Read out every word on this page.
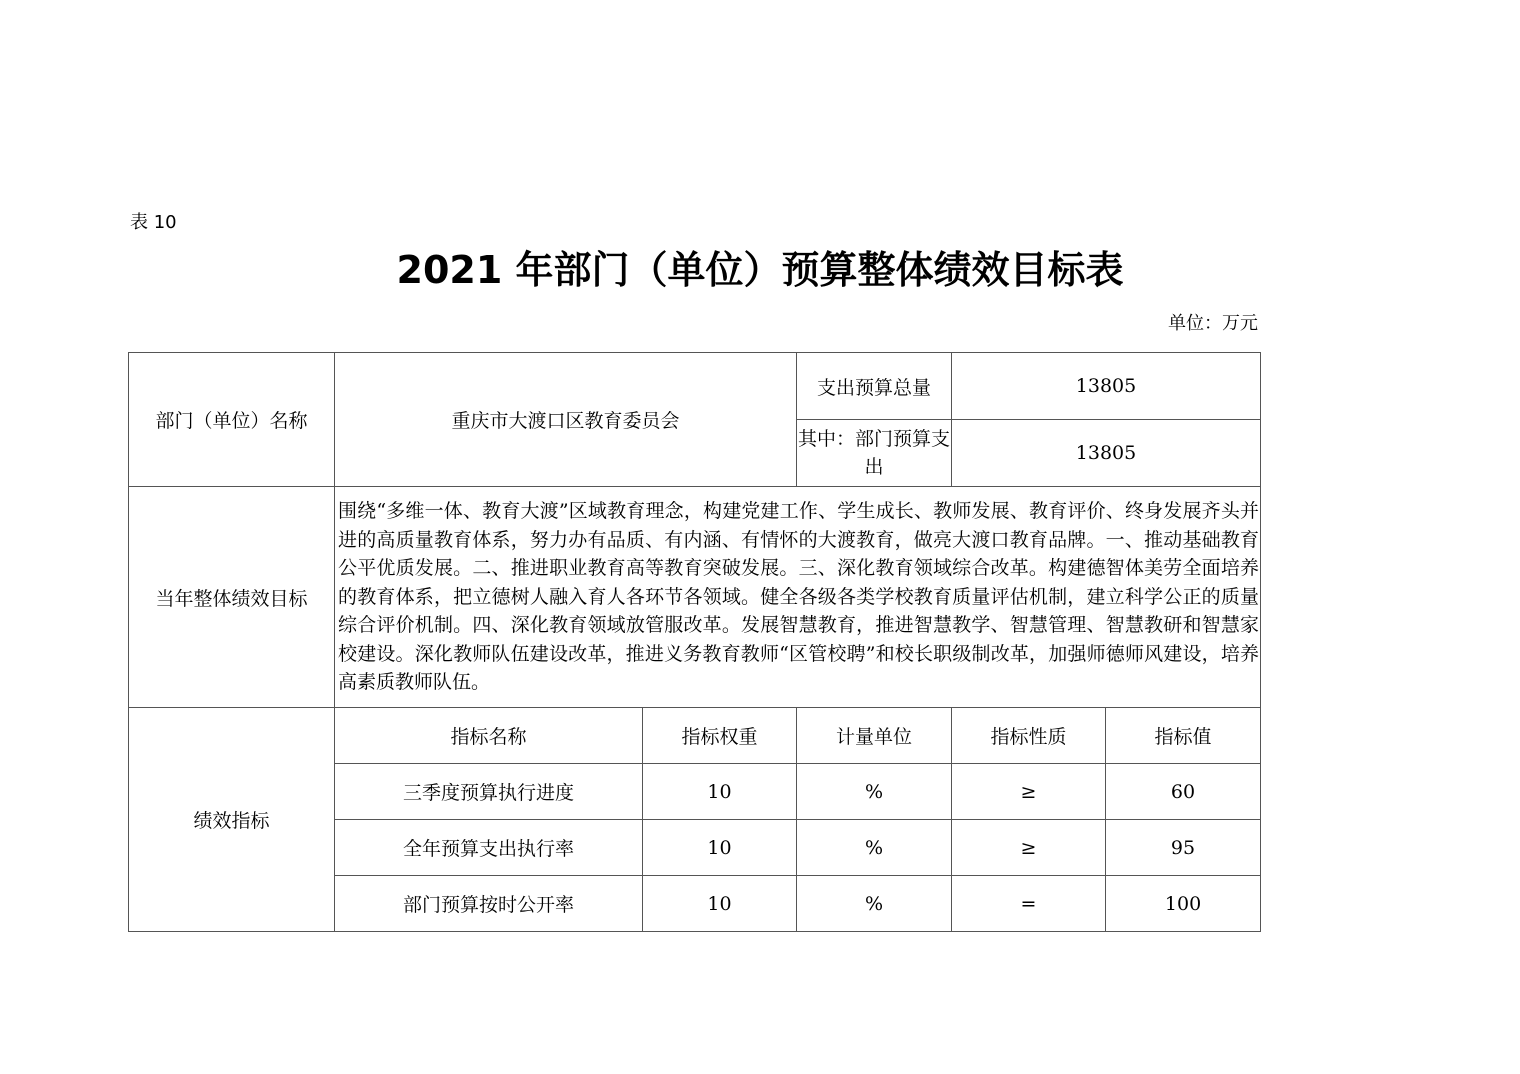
表 10
2021 年部门（单位）预算整体绩效目标表
单位：万元
部门（单位）名称	重庆市大渡口区教育委员会		支出预算总量	13805	
			其中：部门预算支出	13805	
当年整体绩效目标	围绕“多维一体、教育大渡”区域教育理念，构建党建工作、学生成长、教师发展、教育评价、终身发展齐头并进的高质量教育体系，努力办有品质、有内涵、有情怀的大渡教育，做亮大渡口教育品牌。一、推动基础教育公平优质发展。二、推进职业教育高等教育突破发展。三、深化教育领域综合改革。构建德智体美劳全面培养的教育体系，把立德树人融入育人各环节各领域。健全各级各类学校教育质量评估机制，建立科学公正的质量综合评价机制。四、深化教育领域放管服改革。发展智慧教育，推进智慧教学、智慧管理、智慧教研和智慧家校建设。深化教师队伍建设改革，推进义务教育教师“区管校聘”和校长职级制改革，加强师德师风建设，培养高素质教师队伍。				
绩效指标	指标名称	指标权重	计量单位	指标性质	指标值
	三季度预算执行进度	10	%	≥	60
	全年预算支出执行率	10	%	≥	95
	部门预算按时公开率	10	%	=	100
